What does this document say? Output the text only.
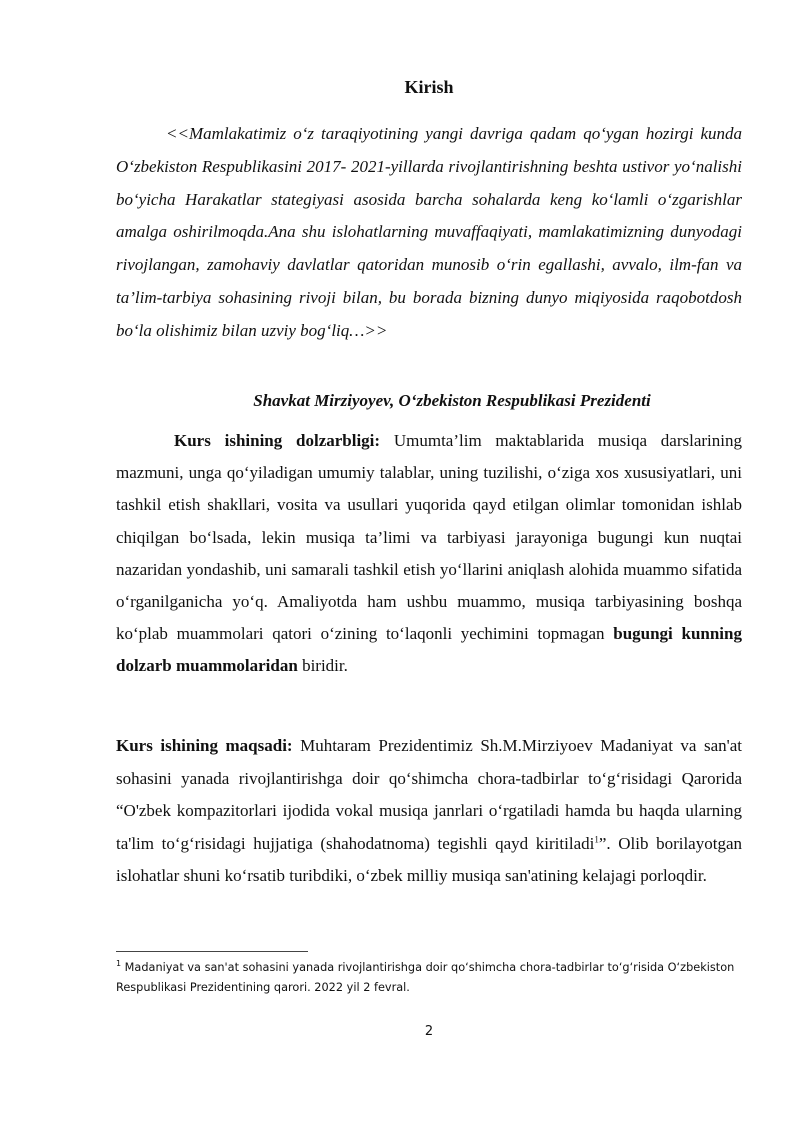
Kirish

<<Mamlakatimiz o‘z taraqiyotining yangi davriga qadam qo‘ygan hozirgi kunda O‘zbekiston Respublikasini 2017- 2021-yillarda rivojlantirishning beshta ustivor yo‘nalishi bo‘yicha Harakatlar stategiyasi asosida barcha sohalarda keng ko‘lamli o‘zgarishlar amalga oshirilmoqda.Ana shu islohatlarning muvaffaqiyati, mamlakatimizning dunyodagi rivojlangan, zamohaviy davlatlar qatoridan munosib o‘rin egallashi, avvalo, ilm-fan va ta’lim-tarbiya sohasining rivoji bilan, bu borada bizning dunyo miqiyosida raqobotdosh bo‘la olishimiz bilan uzviy bog‘liq…>>

Shavkat Mirziyoyev, O‘zbekiston Respublikasi Prezidenti

Kurs ishining dolzarbligi: Umumta’lim maktablarida musiqa darslarining mazmuni, unga qo‘yiladigan umumiy talablar, uning tuzilishi, o‘ziga xos xususiyatlari, uni tashkil etish shakllari, vosita va usullari yuqorida qayd etilgan olimlar tomonidan ishlab chiqilgan bo‘lsada, lekin musiqa ta’limi va tarbiyasi jarayoniga bugungi kun nuqtai nazaridan yondashib, uni samarali tashkil etish yo‘llarini aniqlash alohida muammo sifatida o‘rganilganicha yo‘q. Amaliyotda ham ushbu muammo, musiqa tarbiyasining boshqa ko‘plab muammolari qatori o‘zining to‘laqonli yechimini topmagan bugungi kunning dolzarb muammolaridan biridir.

Kurs ishining maqsadi: Muhtaram Prezidentimiz Sh.M.Mirziyoev Madaniyat va san'at sohasini yanada rivojlantirishga doir qo‘shimcha chora-tadbirlar to‘g‘risidagi Qarorida “O'zbek kompazitorlari ijodida vokal musiqa janrlari o‘rgatiladi hamda bu haqda ularning ta'lim to‘g‘risidagi hujjatiga (shahodatnoma) tegishli qayd kiritiladi$^1$”. Olib borilayotgan islohatlar shuni ko‘rsatib turibdiki, o‘zbek milliy musiqa san'atining kelajagi porloqdir.

$^1$ Madaniyat va san'at sohasini yanada rivojlantirishga doir qo‘shimcha chora-tadbirlar to‘g‘risida O‘zbekiston Respublikasi Prezidentining qarori. 2022 yil 2 fevral.

2
